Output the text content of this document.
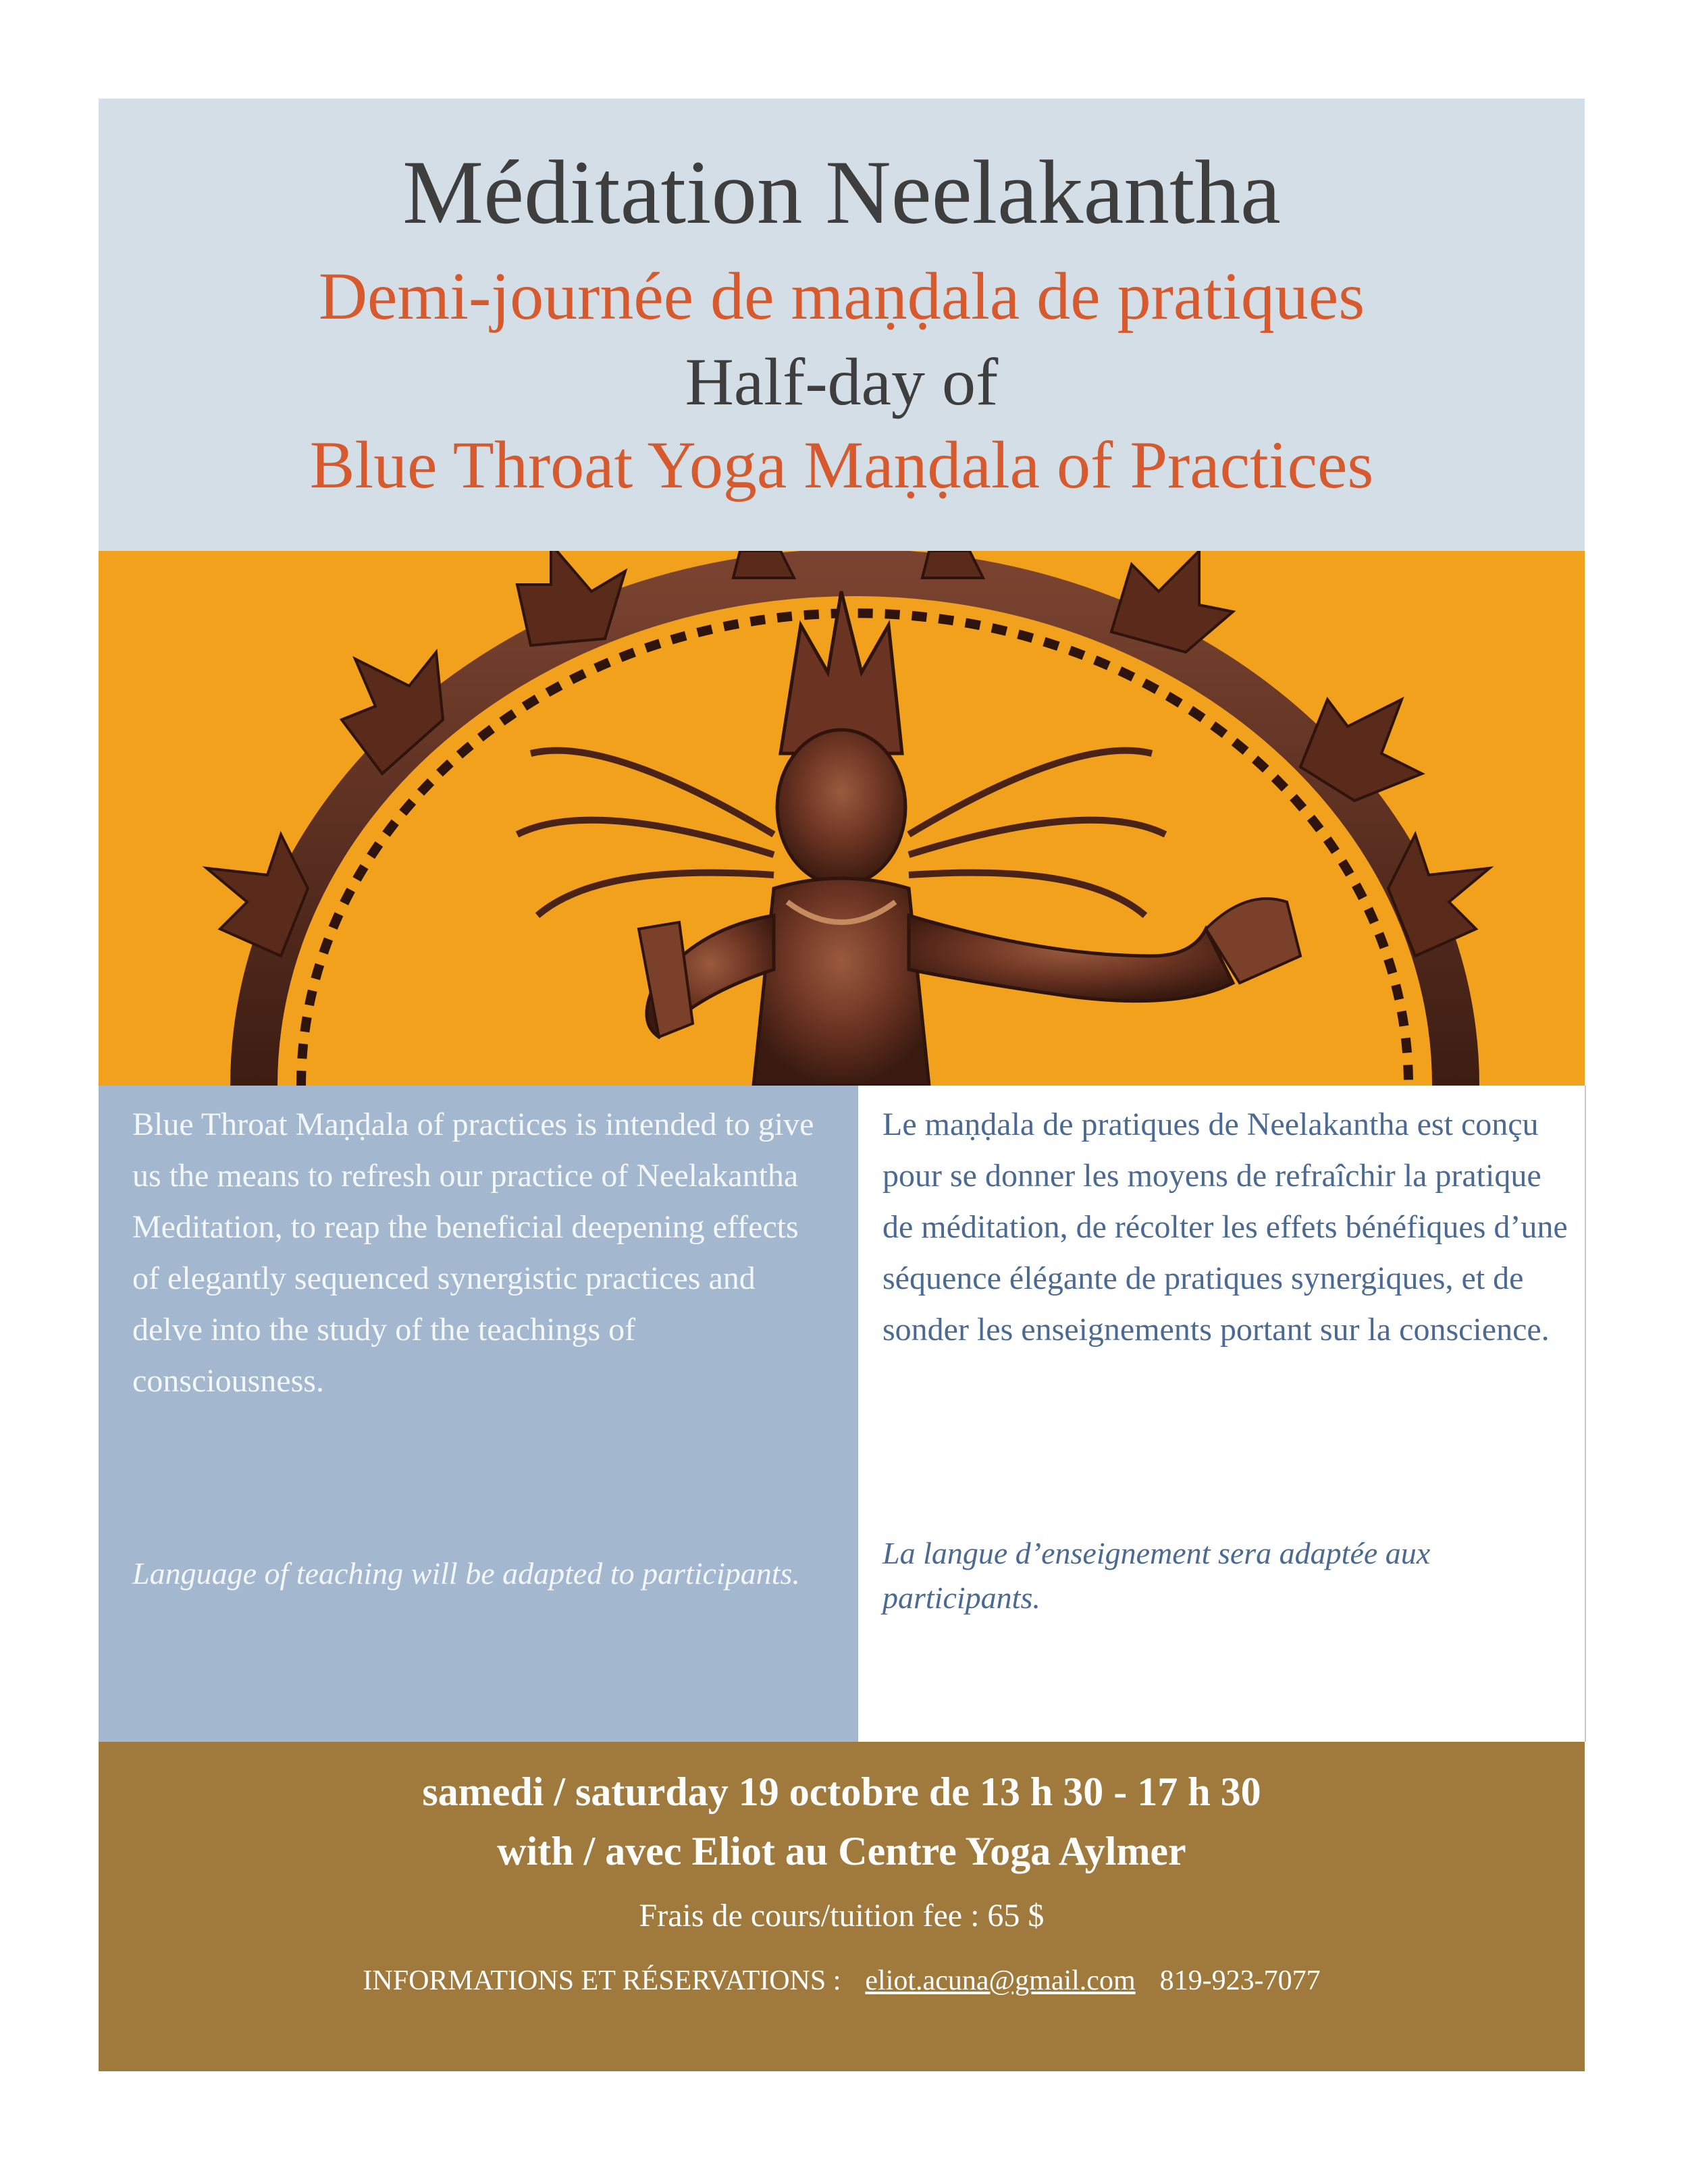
Méditation Neelakantha
Demi-journée de maṇḍala de pratiques
Half-day of
Blue Throat Yoga Maṇḍala of Practices

Blue Throat Maṇḍala of practices is intended to give us the means to refresh our practice of Neelakantha Meditation, to reap the beneficial deepening effects of elegantly sequenced synergistic practices and delve into the study of the teachings of consciousness.

Language of teaching will be adapted to participants.

Le maṇḍala de pratiques de Neelakantha est conçu pour se donner les moyens de refraîchir la pratique de méditation, de récolter les effets bénéfiques d’une séquence élégante de pratiques synergiques, et de sonder les enseignements portant sur la conscience.

La langue d’enseignement sera adaptée aux participants.

samedi / saturday 19 octobre de 13 h 30 - 17 h 30
with / avec Eliot au Centre Yoga Aylmer
Frais de cours/tuition fee : 65 $
INFORMATIONS ET RÉSERVATIONS : eliot.acuna@gmail.com 819-923-7077
